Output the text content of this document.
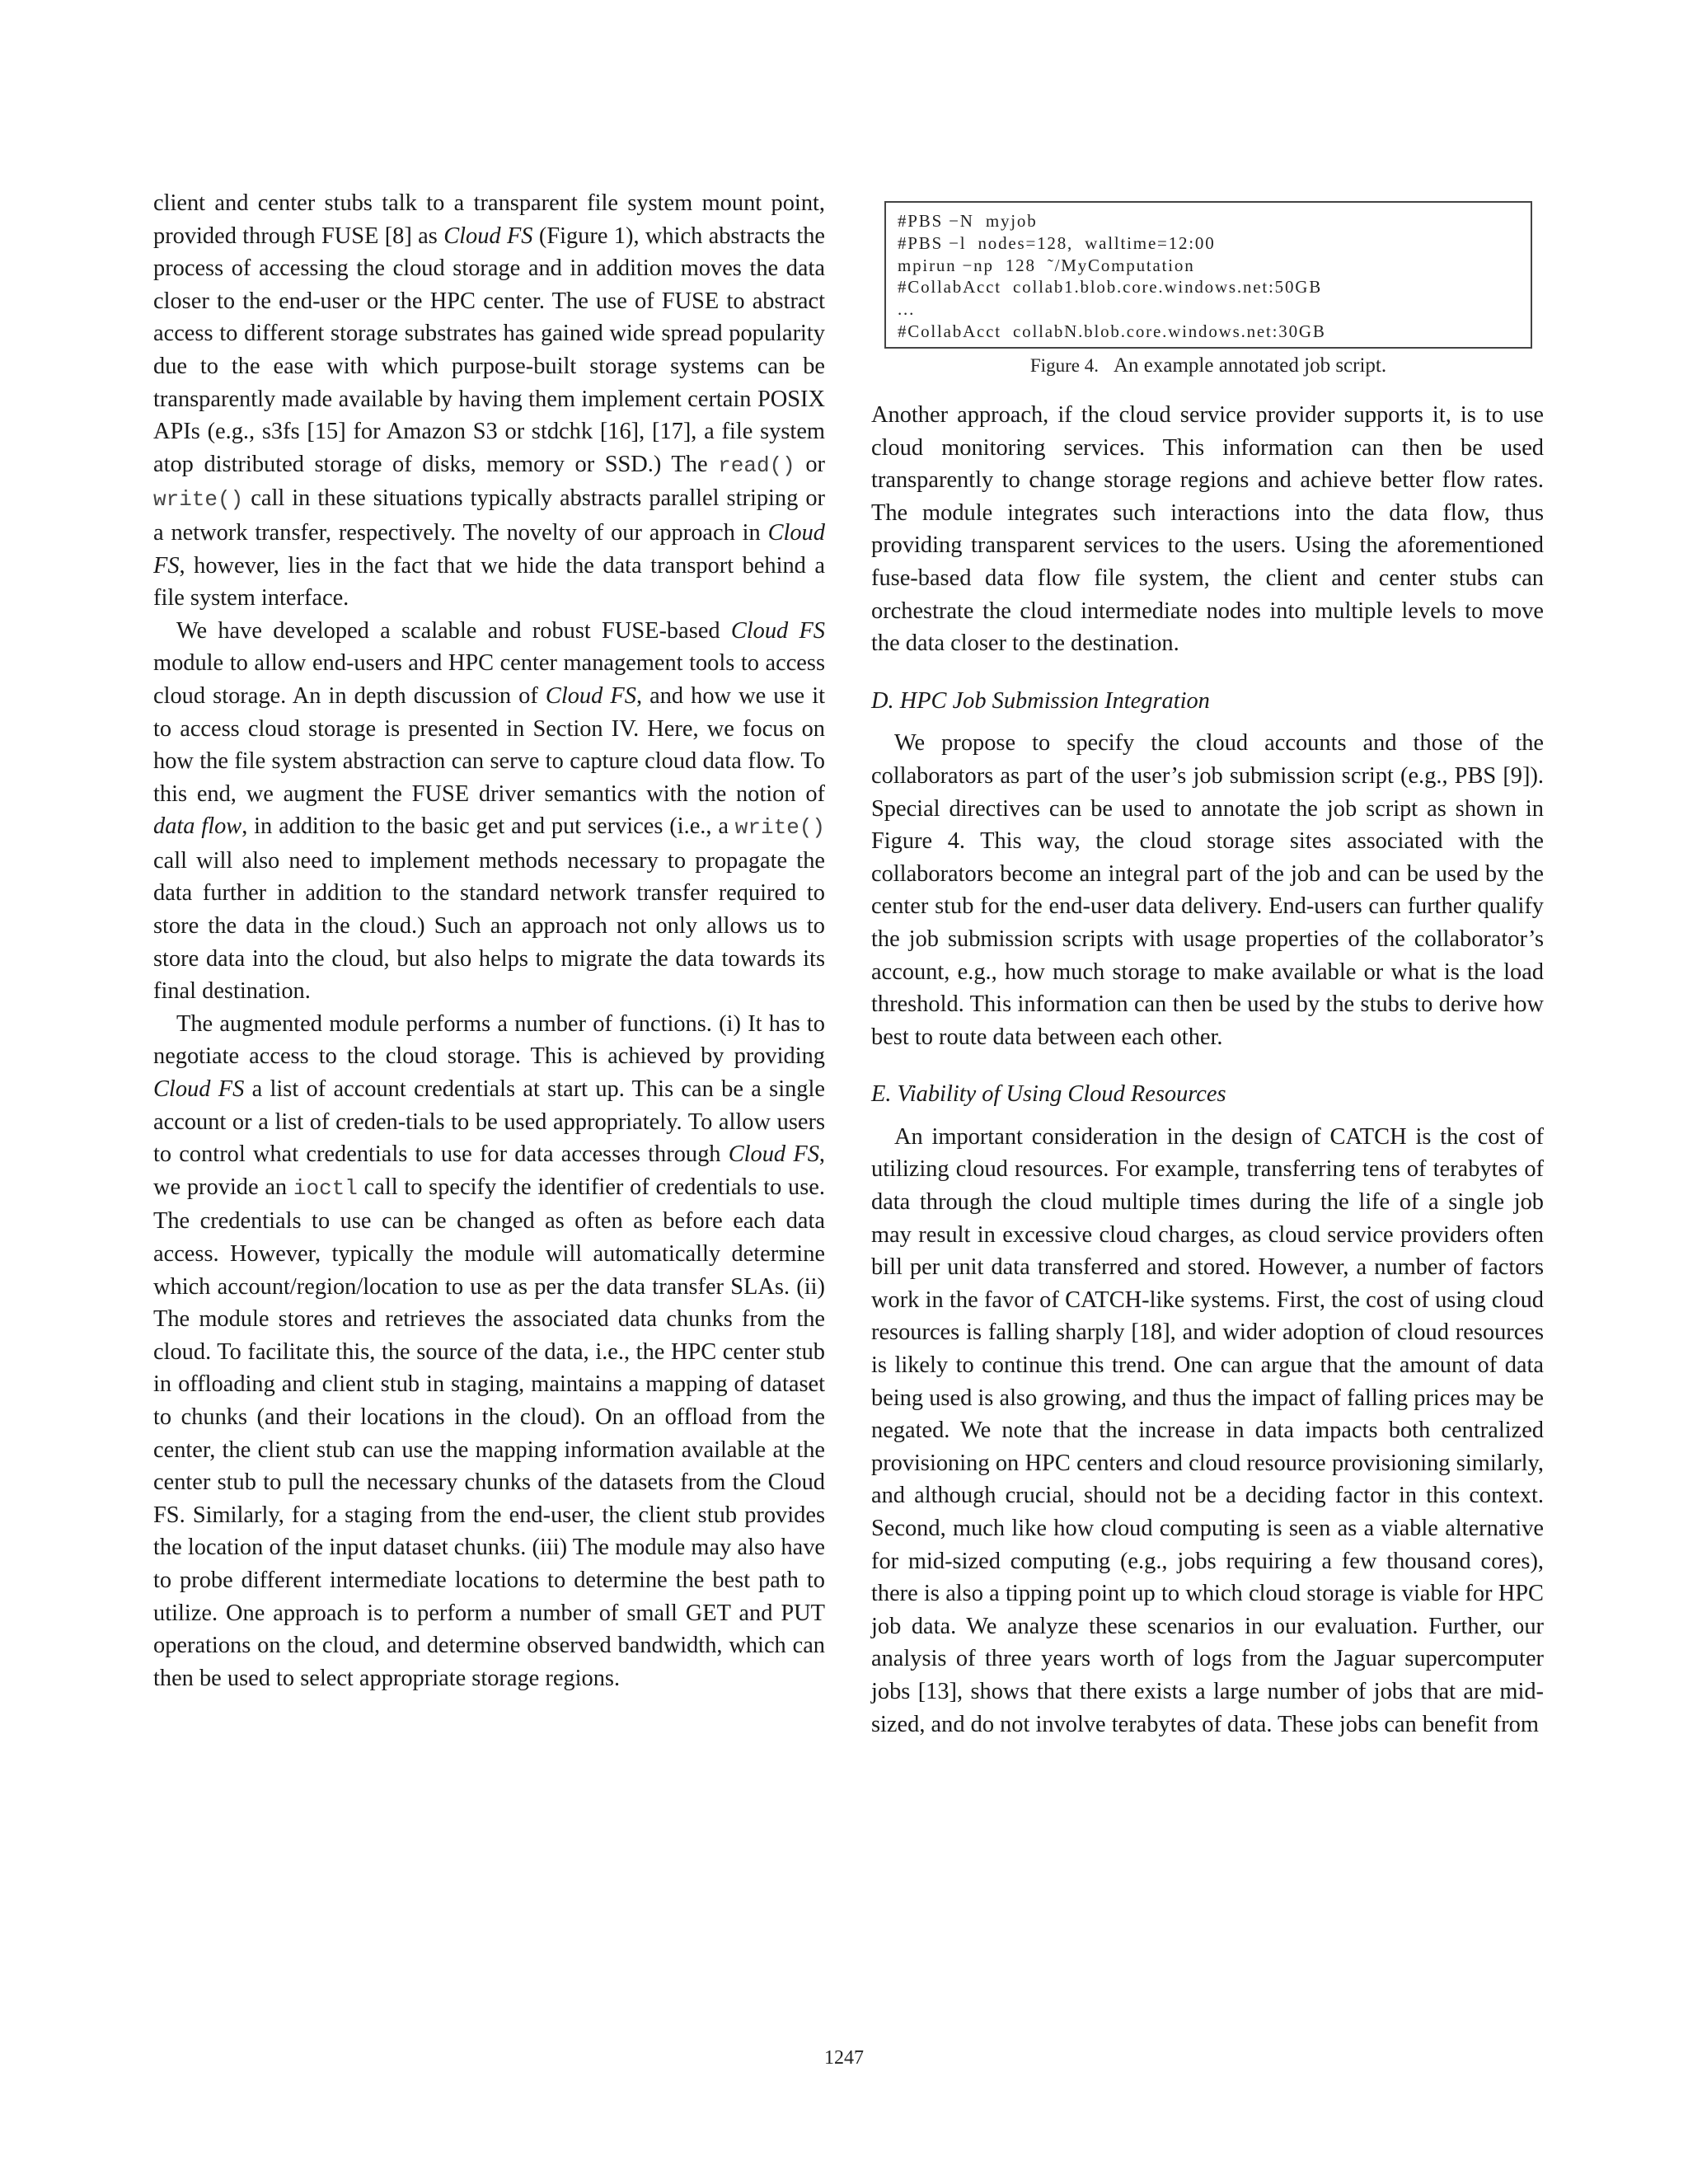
client and center stubs talk to a transparent file system mount point, provided through FUSE [8] as Cloud FS (Figure 1), which abstracts the process of accessing the cloud storage and in addition moves the data closer to the end-user or the HPC center. The use of FUSE to abstract access to different storage substrates has gained wide spread popularity due to the ease with which purpose-built storage systems can be transparently made available by having them implement certain POSIX APIs (e.g., s3fs [15] for Amazon S3 or stdchk [16], [17], a file system atop distributed storage of disks, memory or SSD.) The read() or write() call in these situations typically abstracts parallel striping or a network transfer, respectively. The novelty of our approach in Cloud FS, however, lies in the fact that we hide the data transport behind a file system interface.

We have developed a scalable and robust FUSE-based Cloud FS module to allow end-users and HPC center management tools to access cloud storage. An in depth discussion of Cloud FS, and how we use it to access cloud storage is presented in Section IV. Here, we focus on how the file system abstraction can serve to capture cloud data flow. To this end, we augment the FUSE driver semantics with the notion of data flow, in addition to the basic get and put services (i.e., a write() call will also need to implement methods necessary to propagate the data further in addition to the standard network transfer required to store the data in the cloud.) Such an approach not only allows us to store data into the cloud, but also helps to migrate the data towards its final destination.

The augmented module performs a number of functions. (i) It has to negotiate access to the cloud storage. This is achieved by providing Cloud FS a list of account credentials at start up. This can be a single account or a list of creden-tials to be used appropriately. To allow users to control what credentials to use for data accesses through Cloud FS, we provide an ioctl call to specify the identifier of credentials to use. The credentials to use can be changed as often as before each data access. However, typically the module will automatically determine which account/region/location to use as per the data transfer SLAs. (ii) The module stores and retrieves the associated data chunks from the cloud. To facilitate this, the source of the data, i.e., the HPC center stub in offloading and client stub in staging, maintains a mapping of dataset to chunks (and their locations in the cloud). On an offload from the center, the client stub can use the mapping information available at the center stub to pull the necessary chunks of the datasets from the Cloud FS. Similarly, for a staging from the end-user, the client stub provides the location of the input dataset chunks. (iii) The module may also have to probe different intermediate locations to determine the best path to utilize. One approach is to perform a number of small GET and PUT operations on the cloud, and determine observed bandwidth, which can then be used to select appropriate storage regions.

#PBS −N  myjob
#PBS −l  nodes=128,  walltime=12:00
mpirun −np  128  ˜/MyComputation
#CollabAcct  collab1.blob.core.windows.net:50GB
...
#CollabAcct  collabN.blob.core.windows.net:30GB
Figure 4. An example annotated job script.

Another approach, if the cloud service provider supports it, is to use cloud monitoring services. This information can then be used transparently to change storage regions and achieve better flow rates. The module integrates such interactions into the data flow, thus providing transparent services to the users. Using the aforementioned fuse-based data flow file system, the client and center stubs can orchestrate the cloud intermediate nodes into multiple levels to move the data closer to the destination.

D. HPC Job Submission Integration

We propose to specify the cloud accounts and those of the collaborators as part of the user’s job submission script (e.g., PBS [9]). Special directives can be used to annotate the job script as shown in Figure 4. This way, the cloud storage sites associated with the collaborators become an integral part of the job and can be used by the center stub for the end-user data delivery. End-users can further qualify the job submission scripts with usage properties of the collaborator’s account, e.g., how much storage to make available or what is the load threshold. This information can then be used by the stubs to derive how best to route data between each other.

E. Viability of Using Cloud Resources

An important consideration in the design of CATCH is the cost of utilizing cloud resources. For example, transferring tens of terabytes of data through the cloud multiple times during the life of a single job may result in excessive cloud charges, as cloud service providers often bill per unit data transferred and stored. However, a number of factors work in the favor of CATCH-like systems. First, the cost of using cloud resources is falling sharply [18], and wider adoption of cloud resources is likely to continue this trend. One can argue that the amount of data being used is also growing, and thus the impact of falling prices may be negated. We note that the increase in data impacts both centralized provisioning on HPC centers and cloud resource provisioning similarly, and although crucial, should not be a deciding factor in this context. Second, much like how cloud computing is seen as a viable alternative for mid-sized computing (e.g., jobs requiring a few thousand cores), there is also a tipping point up to which cloud storage is viable for HPC job data. We analyze these scenarios in our evaluation. Further, our analysis of three years worth of logs from the Jaguar supercomputer jobs [13], shows that there exists a large number of jobs that are mid-sized, and do not involve terabytes of data. These jobs can benefit from

1247
